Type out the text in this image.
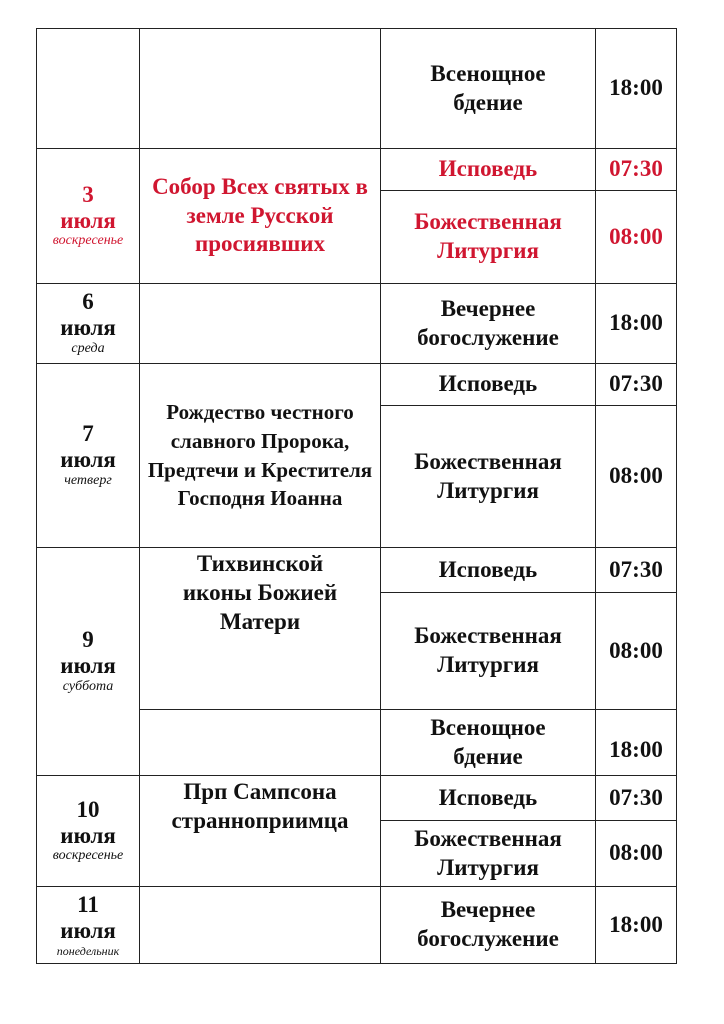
		Всенощное бдение	18:00

3
июля
воскресенье	Собор Всех святых в земле Русской просиявших	Исповедь	07:30
		Божественная Литургия	08:00

6
июля
среда		Вечернее богослужение	18:00

7
июля
четверг	Рождество честного славного Пророка, Предтечи и Крестителя Господня Иоанна	Исповедь	07:30
		Божественная Литургия	08:00

9
июля
суббота	Тихвинской иконы Божией Матери	Исповедь	07:30
		Божественная Литургия	08:00
		Всенощное бдение	18:00

10
июля
воскресенье	Прп Сампсона странноприимца	Исповедь	07:30
		Божественная Литургия	08:00

11
июля
понедельник		Вечернее богослужение	18:00
